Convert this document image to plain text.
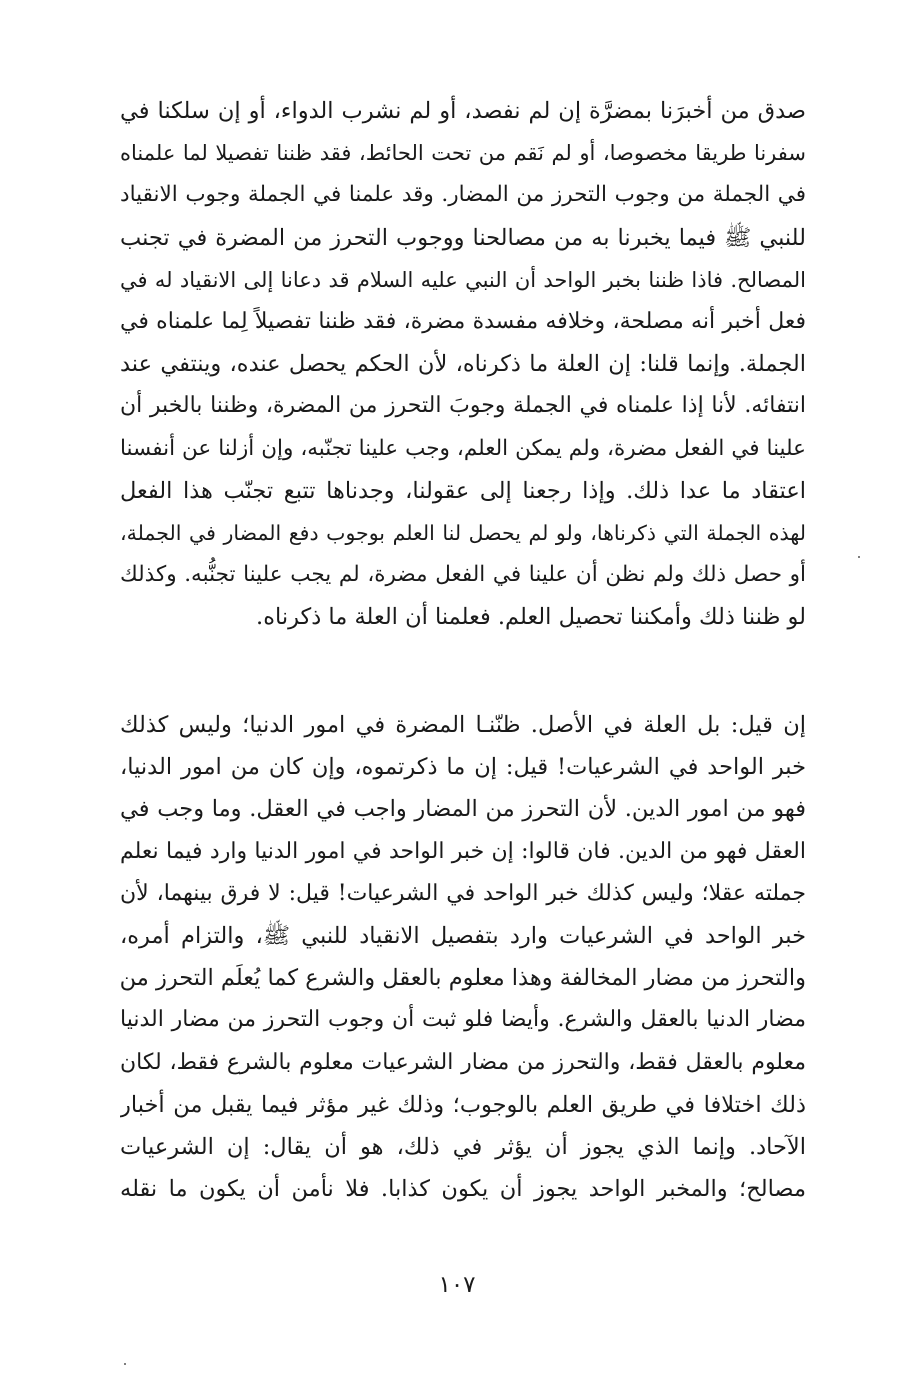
صدق من أخبرَنا بمضرَّة إن لم نفصد، أو لم نشرب الدواء، أو إن سلكنا في
سفرنا طريقا مخصوصا، أو لم نَقم من تحت الحائط، فقد ظننا تفصيلا لما علمناه
في الجملة من وجوب التحرز من المضار. وقد علمنا في الجملة وجوب الانقياد
للنبي ﷺ فيما يخبرنا به من مصالحنا ووجوب التحرز من المضرة في تجنب
المصالح. فاذا ظننا بخبر الواحد أن النبي عليه السلام قد دعانا إلى الانقياد له في
فعل أخبر أنه مصلحة، وخلافه مفسدة مضرة، فقد ظننا تفصيلاً لِما علمناه في
الجملة. وإنما قلنا: إن العلة ما ذكرناه، لأن الحكم يحصل عنده، وينتفي عند
انتفائه. لأنا إذا علمناه في الجملة وجوبَ التحرز من المضرة، وظننا بالخبر أن
علينا في الفعل مضرة، ولم يمكن العلم، وجب علينا تجنّبه، وإن أزلنا عن أنفسنا
اعتقاد ما عدا ذلك. وإذا رجعنا إلى عقولنا، وجدناها تتبع تجنّب هذا الفعل
لهذه الجملة التي ذكرناها، ولو لم يحصل لنا العلم بوجوب دفع المضار في الجملة،
أو حصل ذلك ولم نظن أن علينا في الفعل مضرة، لم يجب علينا تجنُّبه. وكذلك
لو ظننا ذلك وأمكننا تحصيل العلم. فعلمنا أن العلة ما ذكرناه.
إن قيل: بل العلة في الأصل. ظنّنـا المضرة في امور الدنيا؛ وليس كذلك
خبر الواحد في الشرعيات! قيل: إن ما ذكرتموه، وإن كان من امور الدنيا،
فهو من امور الدين. لأن التحرز من المضار واجب في العقل. وما وجب في
العقل فهو من الدين. فان قالوا: إن خبر الواحد في امور الدنيا وارد فيما نعلم
جملته عقلا؛ وليس كذلك خبر الواحد في الشرعيات! قيل: لا فرق بينهما، لأن
خبر الواحد في الشرعيات وارد بتفصيل الانقياد للنبي ﷺ، والتزام أمره،
والتحرز من مضار المخالفة وهذا معلوم بالعقل والشرع كما يُعلَم التحرز من
مضار الدنيا بالعقل والشرع. وأيضا فلو ثبت أن وجوب التحرز من مضار الدنيا
معلوم بالعقل فقط، والتحرز من مضار الشرعيات معلوم بالشرع فقط، لكان
ذلك اختلافا في طريق العلم بالوجوب؛ وذلك غير مؤثر فيما يقبل من أخبار
الآحاد. وإنما الذي يجوز أن يؤثر في ذلك، هو أن يقال: إن الشرعيات
مصالح؛ والمخبر الواحد يجوز أن يكون كذابا. فلا نأمن أن يكون ما نقله
١٠٧
